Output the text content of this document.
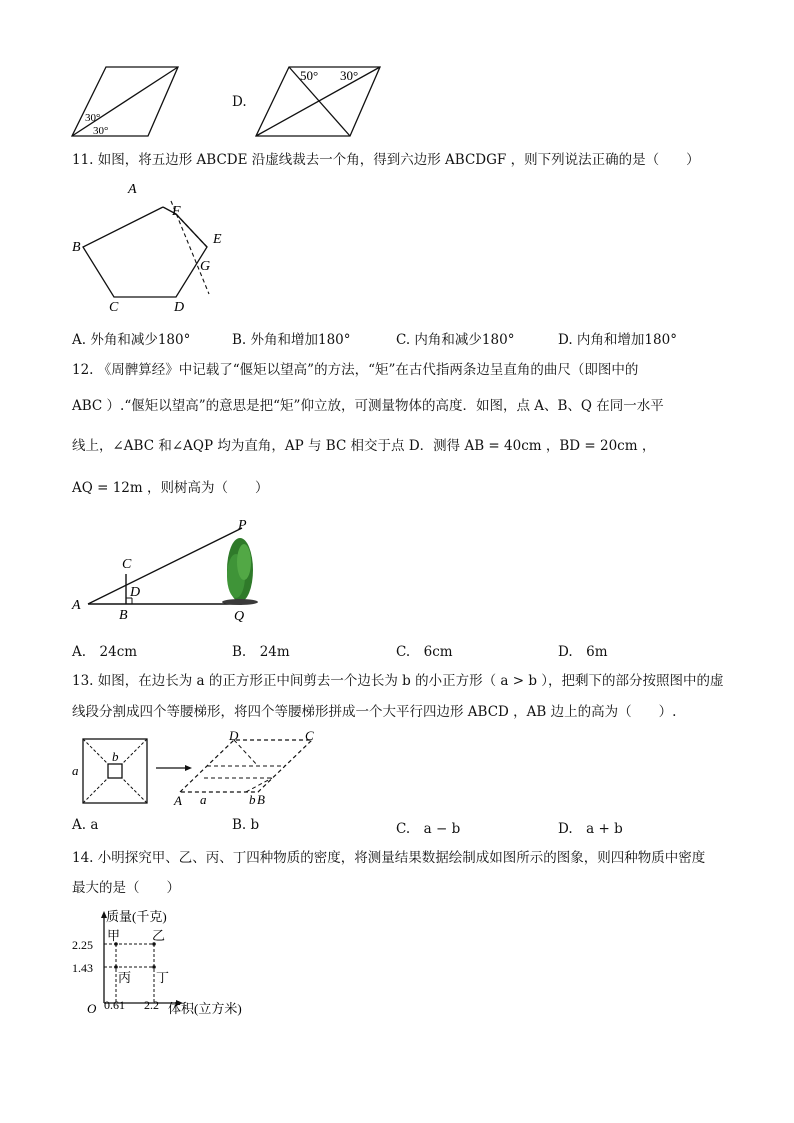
30°
30°
D.
50° 30°
11. 如图，将五边形 ABCDE 沿虚线裁去一个角，得到六边形 ABCDGF ，则下列说法正确的是（　　）
A
B
C	D
E
F
G
A. 外角和减少180°	B. 外角和增加180°	C. 内角和减少180°	D. 内角和增加180°
12. 《周髀算经》中记载了“偃矩以望高”的方法，“矩”在古代指两条边呈直角的曲尺（即图中的
ABC ）.“偃矩以望高”的意思是把“矩”仰立放，可测量物体的高度．如图，点 A、B、Q 在同一水平
线上，∠ABC 和∠AQP 均为直角，AP 与 BC 相交于点 D．测得 AB = 40cm ，BD = 20cm ，
AQ = 12m ，则树高为（　　）
P
C
D
A
B	Q
A.　24cm	B.　24m	C.　6cm	D.　6m
13. 如图，在边长为 a 的正方形正中间剪去一个边长为 b 的小正方形（ a > b ），把剩下的部分按照图中的虚
线段分割成四个等腰梯形，将四个等腰梯形拼成一个大平行四边形 ABCD ，AB 边上的高为（　　）.
a
b
D	C
A a	b B
A. a	B. b	C.　a − b	D.　a + b
14. 小明探究甲、乙、丙、丁四种物质的密度，将测量结果数据绘制成如图所示的图象，则四种物质中密度
最大的是（　　）
质量(千克)
体积(立方米)
O
2.25
1.43
0.61 2.2
甲 乙
丙 丁
